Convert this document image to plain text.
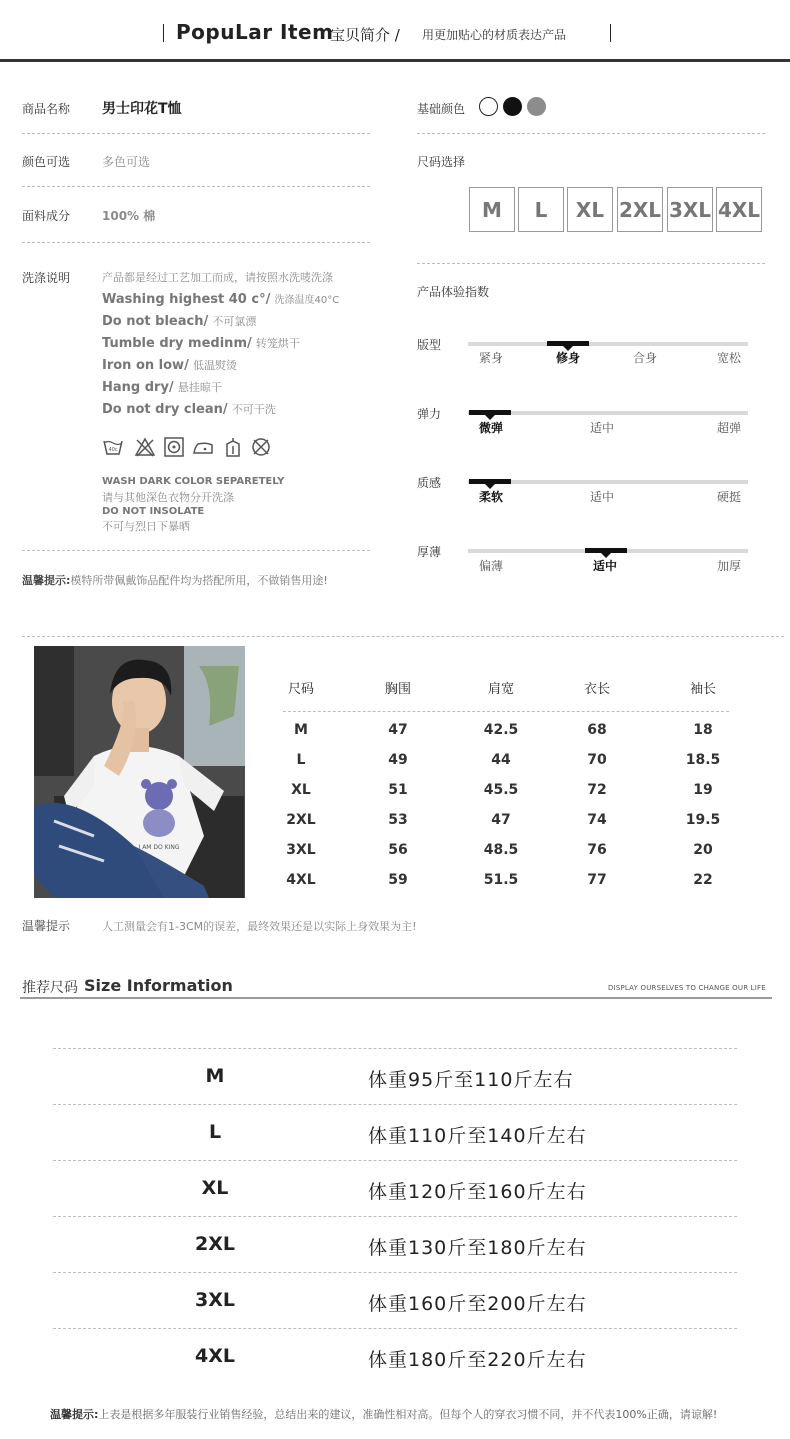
PopuLar Item
宝贝简介 / 用更加贴心的材质表达产品
商品名称 男士印花T恤
颜色可选	多色可选
面料成分	100% 棉
洗涤说明	产品都是经过工艺加工而成，请按照水洗唛洗涤
Washing highest 40 c°/ 洗涤温度40°C
Do not bleach/ 不可氯漂
Tumble dry medinm/ 转笼烘干
Iron on low/ 低温熨烫
Hang dry/ 悬挂晾干
Do not dry clean/ 不可干洗
40c
WASH DARK COLOR SEPARETELY
请与其他深色衣物分开洗涤
DO NOT INSOLATE
不可与烈日下暴晒
温馨提示:模特所带佩戴饰品配件均为搭配所用，不做销售用途!
基础颜色
尺码选择
M	L	XL 2XL 3XL 4XL
产品体验指数
版型
紧身	修身	合身	宽松
弹力
微弹	适中	超弹
质感
柔软	适中	硬挺
厚薄
偏薄	适中	加厚
I AM DO KING
尺码	胸围	肩宽	衣长	袖长
M	47	42.5	68	18
L	49	44	70	18.5
XL	51	45.5	72	19
2XL	53	47	74	19.5
3XL	56	48.5	76	20
4XL	59	51.5	77	22
温馨提示	人工测量会有1-3CM的误差，最终效果还是以实际上身效果为主!
推荐尺码 Size Information	DISPLAY OURSELVES TO CHANGE OUR LIFE
M	体重95斤至110斤左右
L	体重110斤至140斤左右
XL	体重120斤至160斤左右
2XL	体重130斤至180斤左右
3XL	体重160斤至200斤左右
4XL	体重180斤至220斤左右
温馨提示:上表是根据多年服装行业销售经验，总结出来的建议，准确性相对高。但每个人的穿衣习惯不同，并不代表100%正确，请谅解!
